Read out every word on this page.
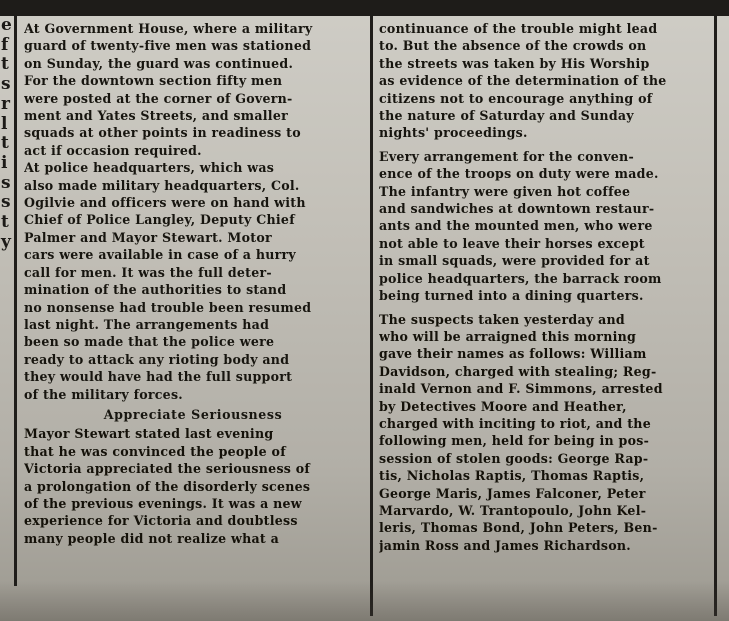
e
f
t
s
r
l
t
i
s
s
t
y
At Government House, where a military
guard of twenty-five men was stationed
on Sunday, the guard was continued.
For the downtown section fifty men
were posted at the corner of Govern-
ment and Yates Streets, and smaller
squads at other points in readiness to
act if occasion required.
At police headquarters, which was
also made military headquarters, Col.
Ogilvie and officers were on hand with
Chief of Police Langley, Deputy Chief
Palmer and Mayor Stewart. Motor
cars were available in case of a hurry
call for men. It was the full deter-
mination of the authorities to stand
no nonsense had trouble been resumed
last night. The arrangements had
been so made that the police were
ready to attack any rioting body and
they would have had the full support
of the military forces.
Appreciate Seriousness
Mayor Stewart stated last evening
that he was convinced the people of
Victoria appreciated the seriousness of
a prolongation of the disorderly scenes
of the previous evenings. It was a new
experience for Victoria and doubtless
many people did not realize what a
continuance of the trouble might lead
to. But the absence of the crowds on
the streets was taken by His Worship
as evidence of the determination of the
citizens not to encourage anything of
the nature of Saturday and Sunday
nights' proceedings.
Every arrangement for the conven-
ence of the troops on duty were made.
The infantry were given hot coffee
and sandwiches at downtown restaur-
ants and the mounted men, who were
not able to leave their horses except
in small squads, were provided for at
police headquarters, the barrack room
being turned into a dining quarters.
The suspects taken yesterday and
who will be arraigned this morning
gave their names as follows: William
Davidson, charged with stealing; Reg-
inald Vernon and F. Simmons, arrested
by Detectives Moore and Heather,
charged with inciting to riot, and the
following men, held for being in pos-
session of stolen goods: George Rap-
tis, Nicholas Raptis, Thomas Raptis,
George Maris, James Falconer, Peter
Marvardo, W. Trantopoulo, John Kel-
leris, Thomas Bond, John Peters, Ben-
jamin Ross and James Richardson.
